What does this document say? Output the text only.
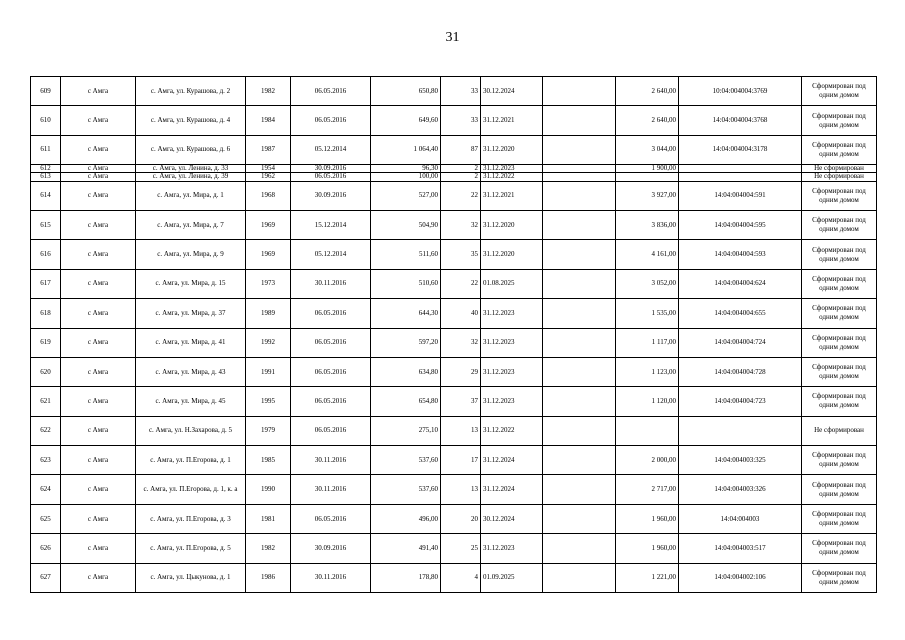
31
609	с Амга	с. Амга, ул. Курашова, д. 2	1982	06.05.2016	650,80	33	30.12.2024		2 640,00	10:04:004004:3769	Сформирован под одним домом
610	с Амга	с. Амга, ул. Курашова, д. 4	1984	06.05.2016	649,60	33	31.12.2021		2 640,00	14:04:004004:3768	Сформирован под одним домом
611	с Амга	с. Амга, ул. Курашова, д. 6	1987	05.12.2014	1 064,40	87	31.12.2020		3 044,00	14:04:004004:3178	Сформирован под одним домом
612	с Амга	с. Амга, ул. Ленина, д. 33	1954	30.09.2016	96,30	2	31.12.2023		1 900,00		Не сформирован
613	с Амга	с. Амга, ул. Ленина, д. 39	1962	06.05.2016	100,00	2	31.12.2022				Не сформирован
614	с Амга	с. Амга, ул. Мира, д. 1	1968	30.09.2016	527,00	22	31.12.2021		3 927,00	14:04:004004:591	Сформирован под одним домом
615	с Амга	с. Амга, ул. Мира, д. 7	1969	15.12.2014	504,90	32	31.12.2020		3 836,00	14:04:004004:595	Сформирован под одним домом
616	с Амга	с. Амга, ул. Мира, д. 9	1969	05.12.2014	511,60	35	31.12.2020		4 161,00	14:04:004004:593	Сформирован под одним домом
617	с Амга	с. Амга, ул. Мира, д. 15	1973	30.11.2016	510,60	22	01.08.2025		3 052,00	14:04:004004:624	Сформирован под одним домом
618	с Амга	с. Амга, ул. Мира, д. 37	1989	06.05.2016	644,30	40	31.12.2023		1 535,00	14:04:004004:655	Сформирован под одним домом
619	с Амга	с. Амга, ул. Мира, д. 41	1992	06.05.2016	597,20	32	31.12.2023		1 117,00	14:04:004004:724	Сформирован под одним домом
620	с Амга	с. Амга, ул. Мира, д. 43	1991	06.05.2016	634,80	29	31.12.2023		1 123,00	14:04:004004:728	Сформирован под одним домом
621	с Амга	с. Амга, ул. Мира, д. 45	1995	06.05.2016	654,80	37	31.12.2023		1 120,00	14:04:004004:723	Сформирован под одним домом
622	с Амга	с. Амга, ул. Н.Захарова, д. 5	1979	06.05.2016	275,10	13	31.12.2022				Не сформирован
623	с Амга	с. Амга, ул. П.Егорова, д. 1	1985	30.11.2016	537,60	17	31.12.2024		2 000,00	14:04:004003:325	Сформирован под одним домом
624	с Амга	с. Амга, ул. П.Егорова, д. 1, к. а	1990	30.11.2016	537,60	13	31.12.2024		2 717,00	14:04:004003:326	Сформирован под одним домом
625	с Амга	с. Амга, ул. П.Егорова, д. 3	1981	06.05.2016	496,00	20	30.12.2024		1 960,00	14:04:004003	Сформирован под одним домом
626	с Амга	с. Амга, ул. П.Егорова, д. 5	1982	30.09.2016	491,40	25	31.12.2023		1 960,00	14:04:004003:517	Сформирован под одним домом
627	с Амга	с. Амга, ул. Цыкунова, д. 1	1986	30.11.2016	178,80	4	01.09.2025		1 221,00	14:04:004002:106	Сформирован под одним домом
